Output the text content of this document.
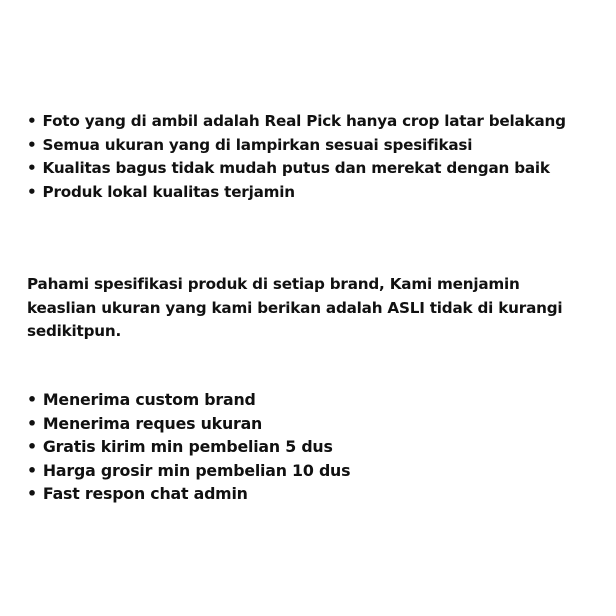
• Foto yang di ambil adalah Real Pick hanya crop latar belakang
• Semua ukuran yang di lampirkan sesuai spesifikasi
• Kualitas bagus tidak mudah putus dan merekat dengan baik
• Produk lokal kualitas terjamin
Pahami spesifikasi produk di setiap brand, Kami menjamin keaslian ukuran yang kami berikan adalah ASLI tidak di kurangi sedikitpun.
• Menerima custom brand
• Menerima reques ukuran
• Gratis kirim min pembelian 5 dus
• Harga grosir min pembelian 10 dus
• Fast respon chat admin
